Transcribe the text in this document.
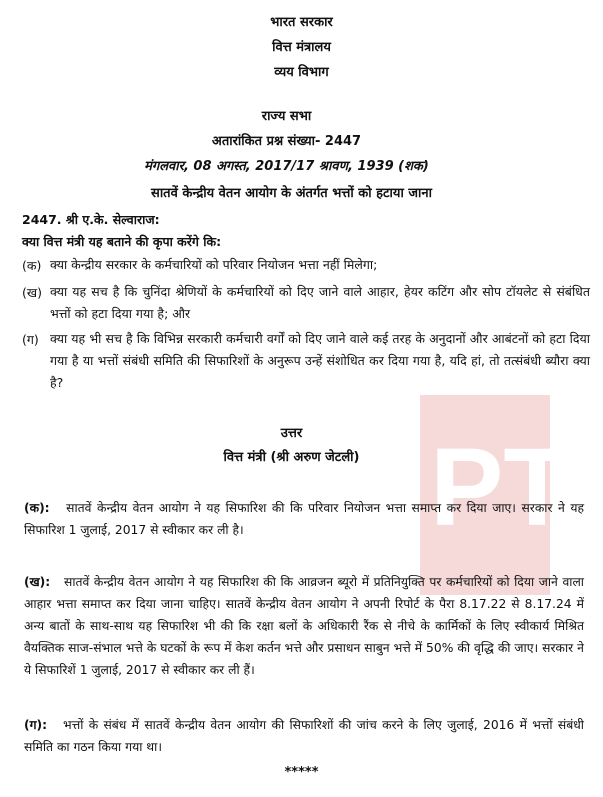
भारत सरकार
वित्त मंत्रालय
व्यय विभाग
राज्य सभा
अतारांकित प्रश्न संख्या- 2447
मंगलवार, 08 अगस्त, 2017/17 श्रावण, 1939 (शक)
सातवें केन्द्रीय वेतन आयोग के अंतर्गत भत्तों को हटाया जाना
2447. श्री ए.के. सेल्वाराज:
क्या वित्त मंत्री यह बताने की कृपा करेंगे कि:
(क) क्या केन्द्रीय सरकार के कर्मचारियों को परिवार नियोजन भत्ता नहीं मिलेगा;
(ख) क्या यह सच है कि चुनिंदा श्रेणियों के कर्मचारियों को दिए जाने वाले आहार, हेयर कटिंग और सोप टॉयलेट से संबंधित भत्तों को हटा दिया गया है; और
(ग) क्या यह भी सच है कि विभिन्न सरकारी कर्मचारी वर्गों को दिए जाने वाले कई तरह के अनुदानों और आबंटनों को हटा दिया गया है या भत्तों संबंधी समिति की सिफारिशों के अनुरूप उन्हें संशोधित कर दिया गया है, यदि हां, तो तत्संबंधी ब्यौरा क्या है?
उत्तर
वित्त मंत्री (श्री अरुण जेटली) PT
(क): सातवें केन्द्रीय वेतन आयोग ने यह सिफारिश की कि परिवार नियोजन भत्ता समाप्त कर दिया जाए। सरकार ने यह सिफारिश 1 जुलाई, 2017 से स्वीकार कर ली है।
(ख): सातवें केन्द्रीय वेतन आयोग ने यह सिफारिश की कि आव्रजन ब्यूरो में प्रतिनियुक्ति पर कर्मचारियों को दिया जाने वाला आहार भत्ता समाप्त कर दिया जाना चाहिए। सातवें केन्द्रीय वेतन आयोग ने अपनी रिपोर्ट के पैरा 8.17.22 से 8.17.24 में अन्य बातों के साथ-साथ यह सिफारिश भी की कि रक्षा बलों के अधिकारी रैंक से नीचे के कार्मिकों के लिए स्वीकार्य मिश्रित वैयक्तिक साज-संभाल भत्ते के घटकों के रूप में केश कर्तन भत्ते और प्रसाधन साबुन भत्ते में 50% की वृद्धि की जाए। सरकार ने ये सिफारिशें 1 जुलाई, 2017 से स्वीकार कर ली हैं।
(ग): भत्तों के संबंध में सातवें केन्द्रीय वेतन आयोग की सिफारिशों की जांच करने के लिए जुलाई, 2016 में भत्तों संबंधी समिति का गठन किया गया था।
*****
